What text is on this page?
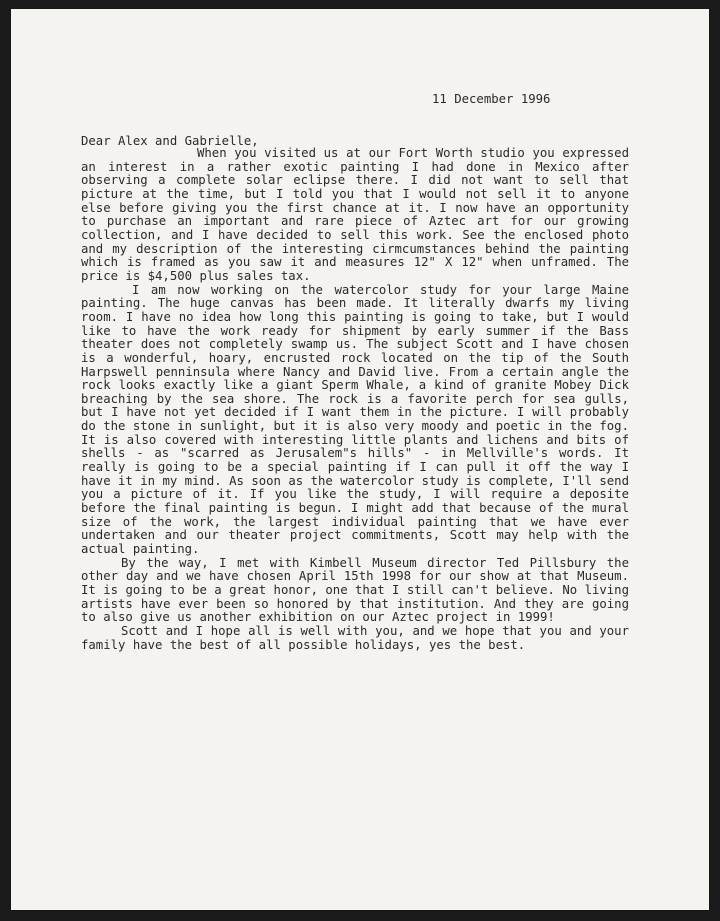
11 December 1996
Dear Alex and Gabrielle,

When you visited us at our Fort Worth studio you expressed an interest in a rather exotic painting I had done in Mexico after observing a complete solar eclipse there. I did not want to sell that picture at the time, but I told you that I would not sell it to anyone else before giving you the first chance at it. I now have an opportunity to purchase an important and rare piece of Aztec art for our growing collection, and I have decided to sell this work. See the enclosed photo and my description of the interesting cirmcumstances behind the painting which is framed as you saw it and measures 12" X 12" when unframed. The price is $4,500 plus sales tax.

I am now working on the watercolor study for your large Maine painting. The huge canvas has been made. It literally dwarfs my living room. I have no idea how long this painting is going to take, but I would like to have the work ready for shipment by early summer if the Bass theater does not completely swamp us. The subject Scott and I have chosen is a wonderful, hoary, encrusted rock located on the tip of the South Harpswell penninsula where Nancy and David live. From a certain angle the rock looks exactly like a giant Sperm Whale, a kind of granite Mobey Dick breaching by the sea shore. The rock is a favorite perch for sea gulls, but I have not yet decided if I want them in the picture. I will probably do the stone in sunlight, but it is also very moody and poetic in the fog. It is also covered with interesting little plants and lichens and bits of shells - as "scarred as Jerusalem"s hills" - in Mellville's words. It really is going to be a special painting if I can pull it off the way I have it in my mind. As soon as the watercolor study is complete, I'll send you a picture of it. If you like the study, I will require a deposite before the final painting is begun. I might add that because of the mural size of the work, the largest individual painting that we have ever undertaken and our theater project commitments, Scott may help with the actual painting.

By the way, I met with Kimbell Museum director Ted Pillsbury the other day and we have chosen April 15th 1998 for our show at that Museum. It is going to be a great honor, one that I still can't believe. No living artists have ever been so honored by that institution. And they are going to also give us another exhibition on our Aztec project in 1999!

Scott and I hope all is well with you, and we hope that you and your family have the best of all possible holidays, yes the best.
